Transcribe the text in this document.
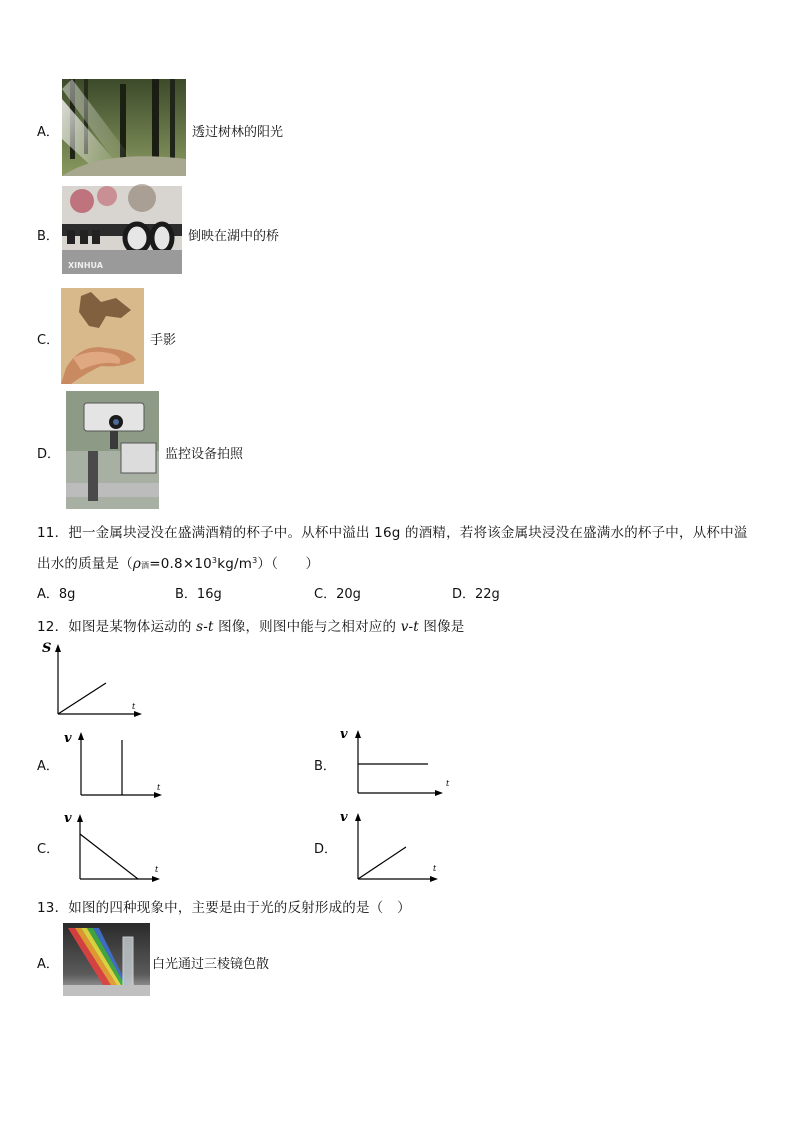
A．	透过树林的阳光
B．
XINHUA
倒映在湖中的桥
C．	手影
D．	监控设备拍照
11．把一金属块浸没在盛满酒精的杯子中。从杯中溢出 16g 的酒精，若将该金属块浸没在盛满水的杯子中，从杯中溢
出水的质量是（ρ酒$=0.8\times 10^3kg/m^3$）（　　）
A．8g	B．16g	C．20g	D．22g
12．如图是某物体运动的 s-t 图像，则图中能与之相对应的 v-t 图像是
S
t
A．
v
t
B．
v
t
C．
v
t
D．
v
t
13．如图的四种现象中，主要是由于光的反射形成的是（　）
A．	白光通过三棱镜色散
